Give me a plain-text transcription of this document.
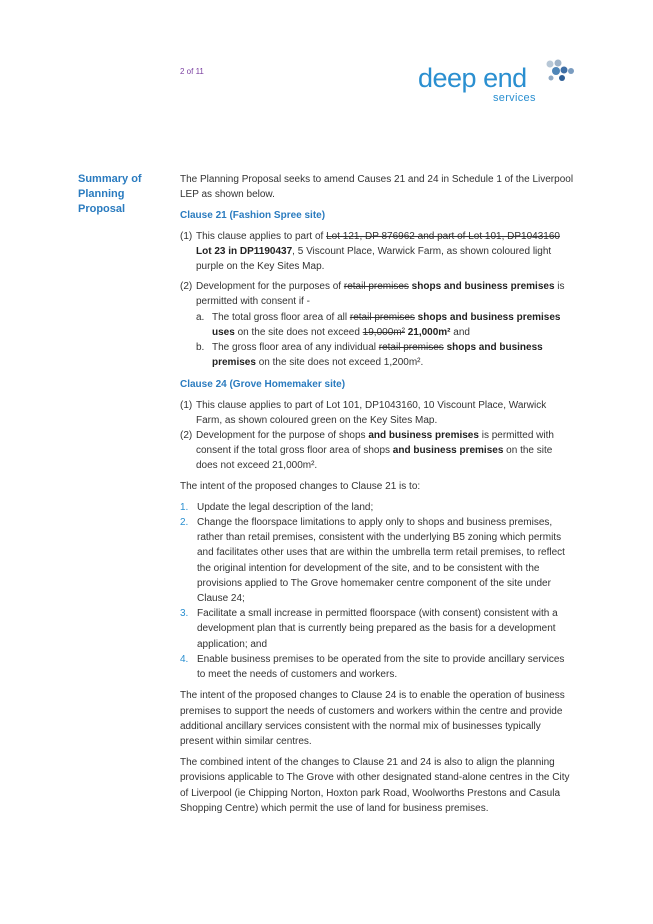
2 of 11	deep end
services
Summary of Planning Proposal

The Planning Proposal seeks to amend Causes 21 and 24 in Schedule 1 of the Liverpool LEP as shown below.

Clause 21 (Fashion Spree site)
(1) This clause applies to part of Lot 121, DP 876962 and part of Lot 101, DP1043160
Lot 23 in DP1190437, 5 Viscount Place, Warwick Farm, as shown coloured light purple on the Key Sites Map.
(2) Development for the purposes of retail premises shops and business premises is permitted with consent if -
a. The total gross floor area of all retail premises shops and business premises uses on the site does not exceed 19,000m² 21,000m² and
b. The gross floor area of any individual retail premises shops and business premises on the site does not exceed 1,200m².
Clause 24 (Grove Homemaker site)
(1) This clause applies to part of Lot 101, DP1043160, 10 Viscount Place, Warwick Farm, as shown coloured green on the Key Sites Map.
(2) Development for the purpose of shops and business premises is permitted with consent if the total gross floor area of shops and business premises on the site does not exceed 21,000m².

The intent of the proposed changes to Clause 21 is to:

1. Update the legal description of the land;
2. Change the floorspace limitations to apply only to shops and business premises, rather than retail premises, consistent with the underlying B5 zoning which permits and facilitates other uses that are within the umbrella term retail premises, to reflect the original intention for development of the site, and to be consistent with the provisions applied to The Grove homemaker centre component of the site under Clause 24;
3. Facilitate a small increase in permitted floorspace (with consent) consistent with a development plan that is currently being prepared as the basis for a development application; and
4. Enable business premises to be operated from the site to provide ancillary services to meet the needs of customers and workers.

The intent of the proposed changes to Clause 24 is to enable the operation of business premises to support the needs of customers and workers within the centre and provide additional ancillary services consistent with the normal mix of businesses typically present within similar centres.

The combined intent of the changes to Clause 21 and 24 is also to align the planning provisions applicable to The Grove with other designated stand-alone centres in the City of Liverpool (ie Chipping Norton, Hoxton park Road, Woolworths Prestons and Casula Shopping Centre) which permit the use of land for business premises.
